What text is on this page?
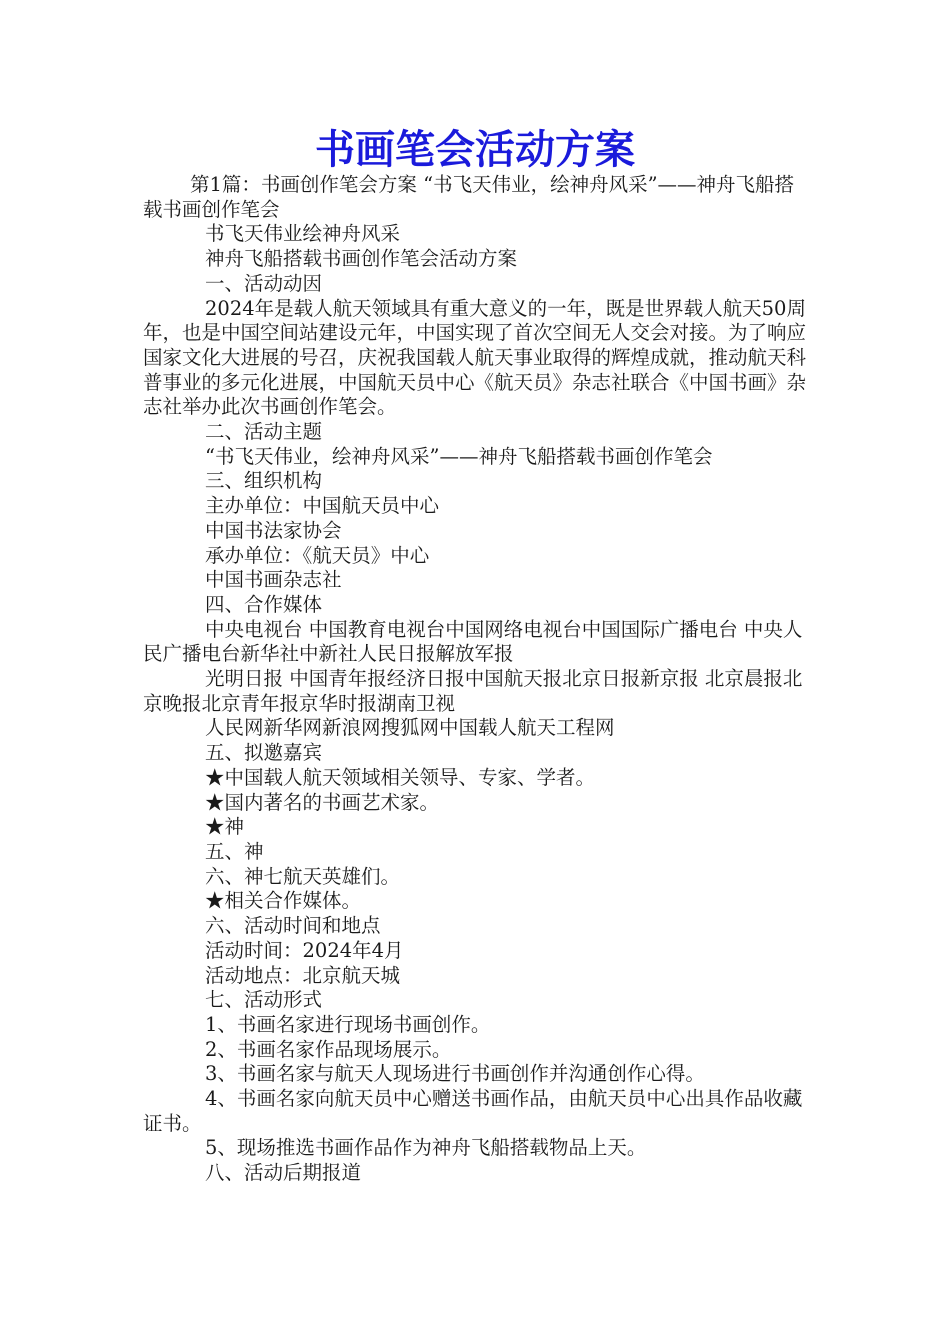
书画笔会活动方案

第1篇：书画创作笔会方案 “书飞天伟业，绘神舟风采”——神舟飞船搭载书画创作笔会

书飞天伟业绘神舟风采

神舟飞船搭载书画创作笔会活动方案

一、活动动因

2024年是载人航天领域具有重大意义的一年，既是世界载人航天50周年，也是中国空间站建设元年，中国实现了首次空间无人交会对接。为了响应国家文化大进展的号召，庆祝我国载人航天事业取得的辉煌成就，推动航天科普事业的多元化进展，中国航天员中心《航天员》杂志社联合《中国书画》杂志社举办此次书画创作笔会。

二、活动主题

“书飞天伟业，绘神舟风采”——神舟飞船搭载书画创作笔会

三、组织机构

主办单位：中国航天员中心

中国书法家协会

承办单位：《航天员》中心

中国书画杂志社

四、合作媒体

中央电视台 中国教育电视台中国网络电视台中国国际广播电台 中央人民广播电台新华社中新社人民日报解放军报

光明日报 中国青年报经济日报中国航天报北京日报新京报 北京晨报北京晚报北京青年报京华时报湖南卫视

人民网新华网新浪网搜狐网中国载人航天工程网

五、拟邀嘉宾

★中国载人航天领域相关领导、专家、学者。

★国内著名的书画艺术家。

★神

五、神

六、神七航天英雄们。

★相关合作媒体。

六、活动时间和地点

活动时间：2024年4月

活动地点：北京航天城

七、活动形式

1、书画名家进行现场书画创作。

2、书画名家作品现场展示。

3、书画名家与航天人现场进行书画创作并沟通创作心得。

4、书画名家向航天员中心赠送书画作品，由航天员中心出具作品收藏证书。

5、现场推选书画作品作为神舟飞船搭载物品上天。

八、活动后期报道
